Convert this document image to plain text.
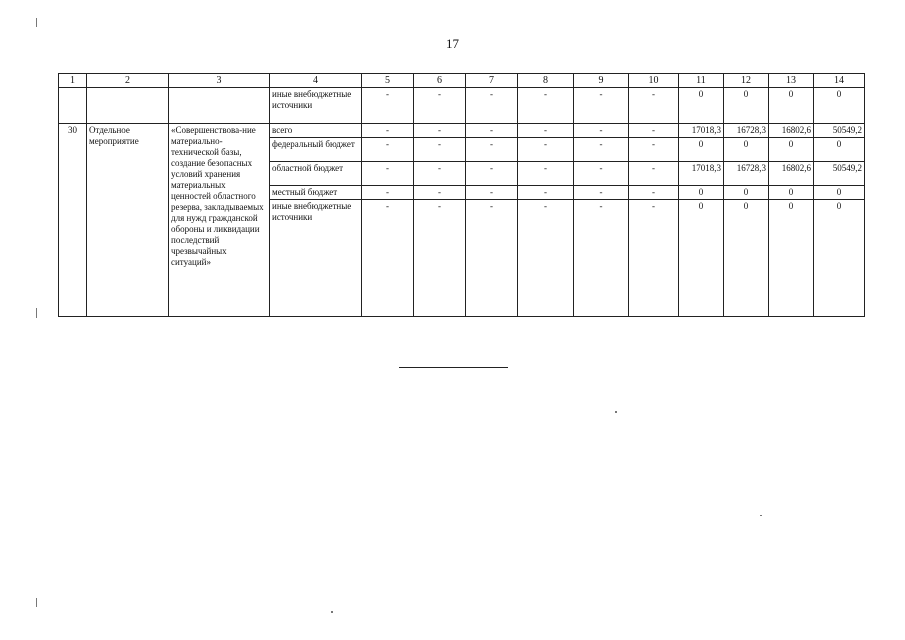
17
1	2	3	4	5	6	7	8	9	10	11	12	13	14
			иные внебюджетные источники	-	-	-	-	-	-	0	0	0	0
30	Отдельное мероприятие	«Совершенствова-ние материально-технической базы, создание безопасных условий хранения материальных ценностей областного резерва, закладываемых для нужд гражданской обороны и ликвидации последствий чрезвычайных ситуаций»	всего	-	-	-	-	-	-	17018,3	16728,3	16802,6	50549,2
			федеральный бюджет	-	-	-	-	-	-	0	0	0	0
			областной бюджет	-	-	-	-	-	-	17018,3	16728,3	16802,6	50549,2
			местный бюджет	-	-	-	-	-	-	0	0	0	0
			иные внебюджетные источники	-	-	-	-	-	-	0	0	0	0
